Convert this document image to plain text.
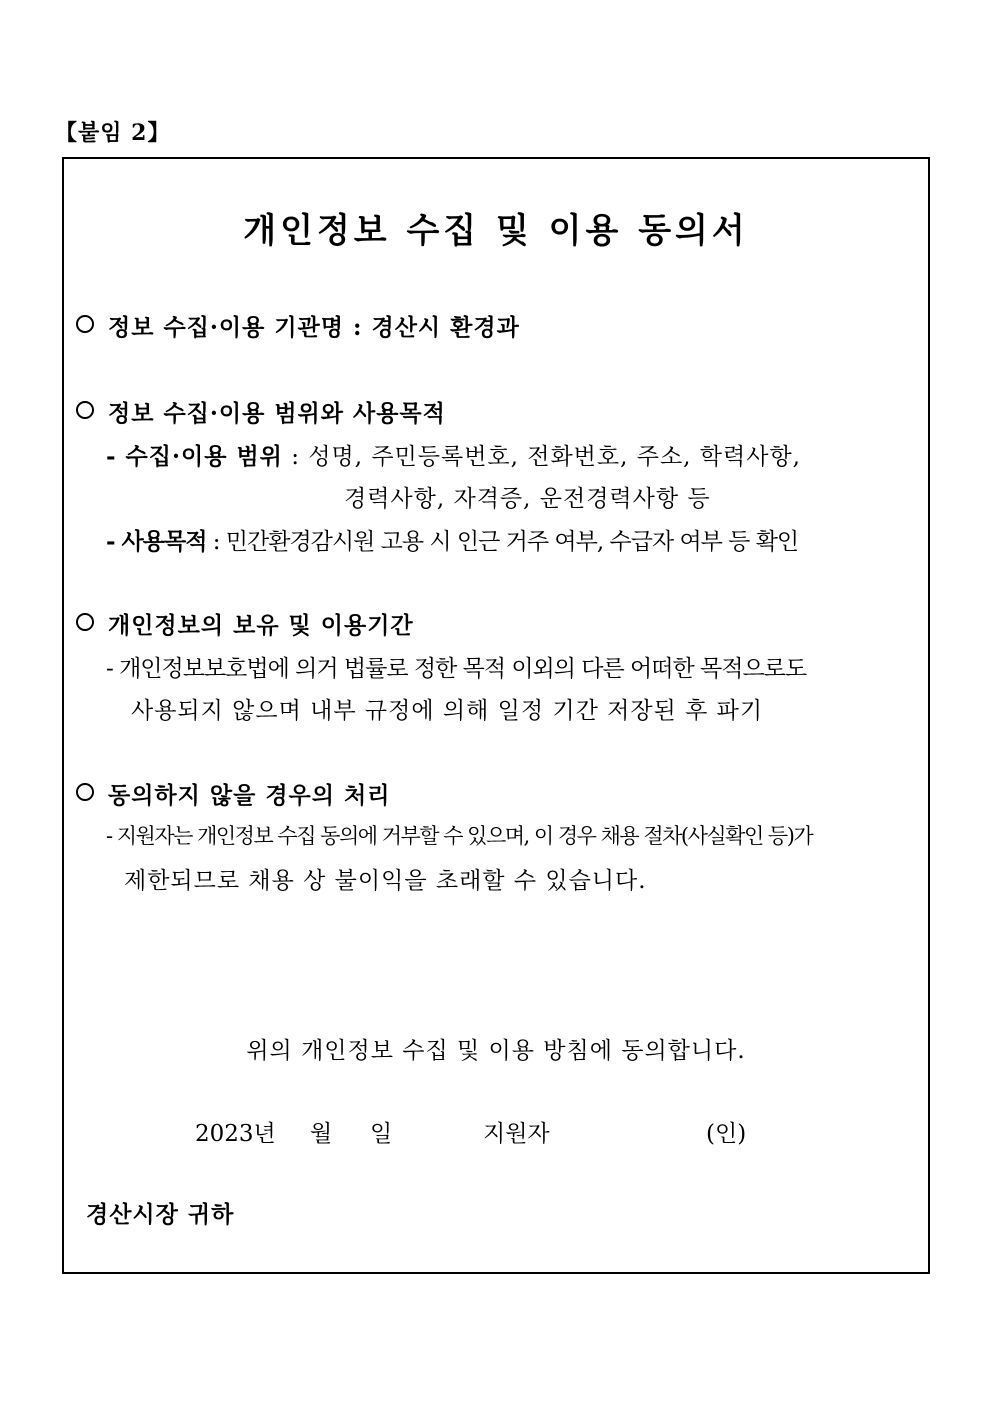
【붙임 2】
개인정보 수집 및 이용 동의서
정보 수집·이용 기관명 : 경산시 환경과
정보 수집·이용 범위와 사용목적
- 수집·이용 범위 : 성명, 주민등록번호, 전화번호, 주소, 학력사항,
경력사항, 자격증, 운전경력사항 등
- 사용목적 : 민간환경감시원 고용 시 인근 거주 여부, 수급자 여부 등 확인
개인정보의 보유 및 이용기간
- 개인정보보호법에 의거 법률로 정한 목적 이외의 다른 어떠한 목적으로도
사용되지 않으며 내부 규정에 의해 일정 기간 저장된 후 파기
동의하지 않을 경우의 처리
- 지원자는 개인정보 수집 동의에 거부할 수 있으며, 이 경우 채용 절차(사실확인 등)가
제한되므로 채용 상 불이익을 초래할 수 있습니다.
위의 개인정보 수집 및 이용 방침에 동의합니다.
2023년 월 일	지원자	(인)
경산시장 귀하
